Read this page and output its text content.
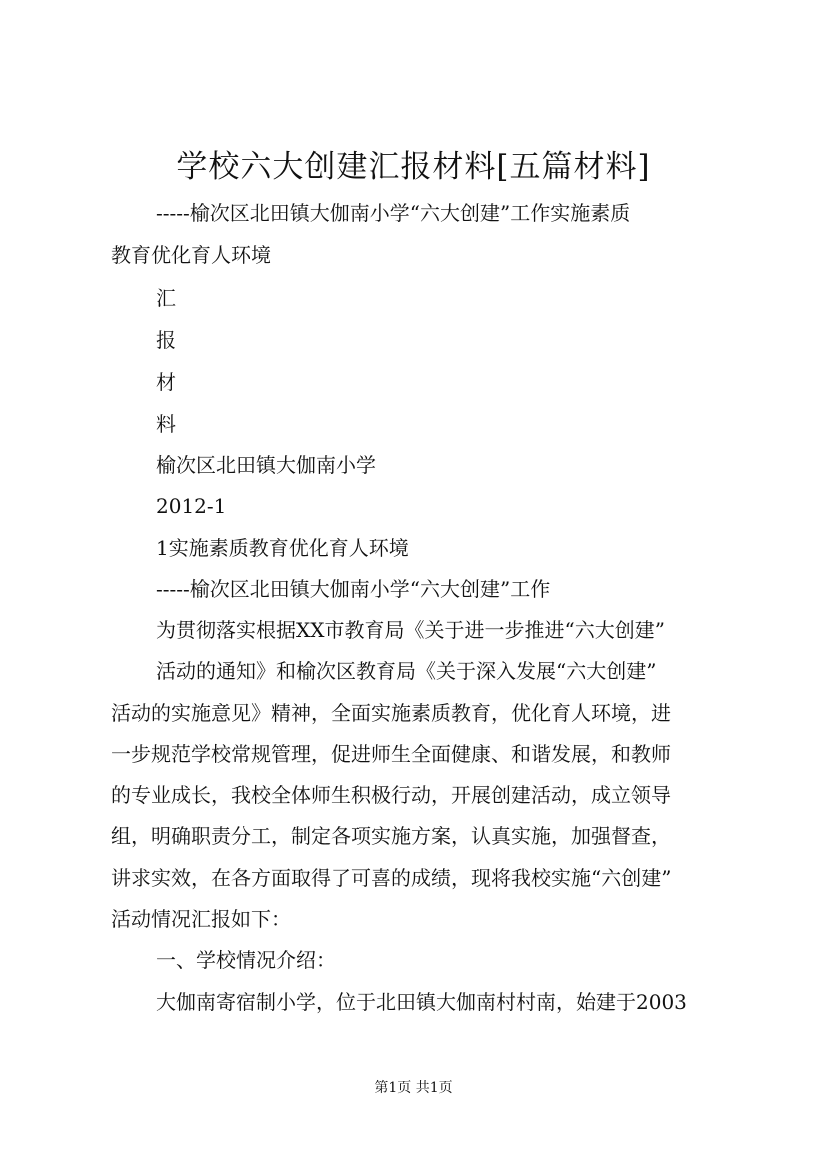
学校六大创建汇报材料[五篇材料]
-----榆次区北田镇大伽南小学“六大创建”工作实施素质
教育优化育人环境
汇
报
材
料
榆次区北田镇大伽南小学
2012-1
1实施素质教育优化育人环境
-----榆次区北田镇大伽南小学“六大创建”工作
为贯彻落实根据XX市教育局《关于进一步推进“六大创建”
活动的通知》和榆次区教育局《关于深入发展“六大创建”
活动的实施意见》精神，全面实施素质教育，优化育人环境，进
一步规范学校常规管理，促进师生全面健康、和谐发展，和教师
的专业成长，我校全体师生积极行动，开展创建活动，成立领导
组，明确职责分工，制定各项实施方案，认真实施，加强督查，
讲求实效，在各方面取得了可喜的成绩，现将我校实施“六创建”
活动情况汇报如下：
一、学校情况介绍：
大伽南寄宿制小学，位于北田镇大伽南村村南，始建于2003
第1页 共1页
